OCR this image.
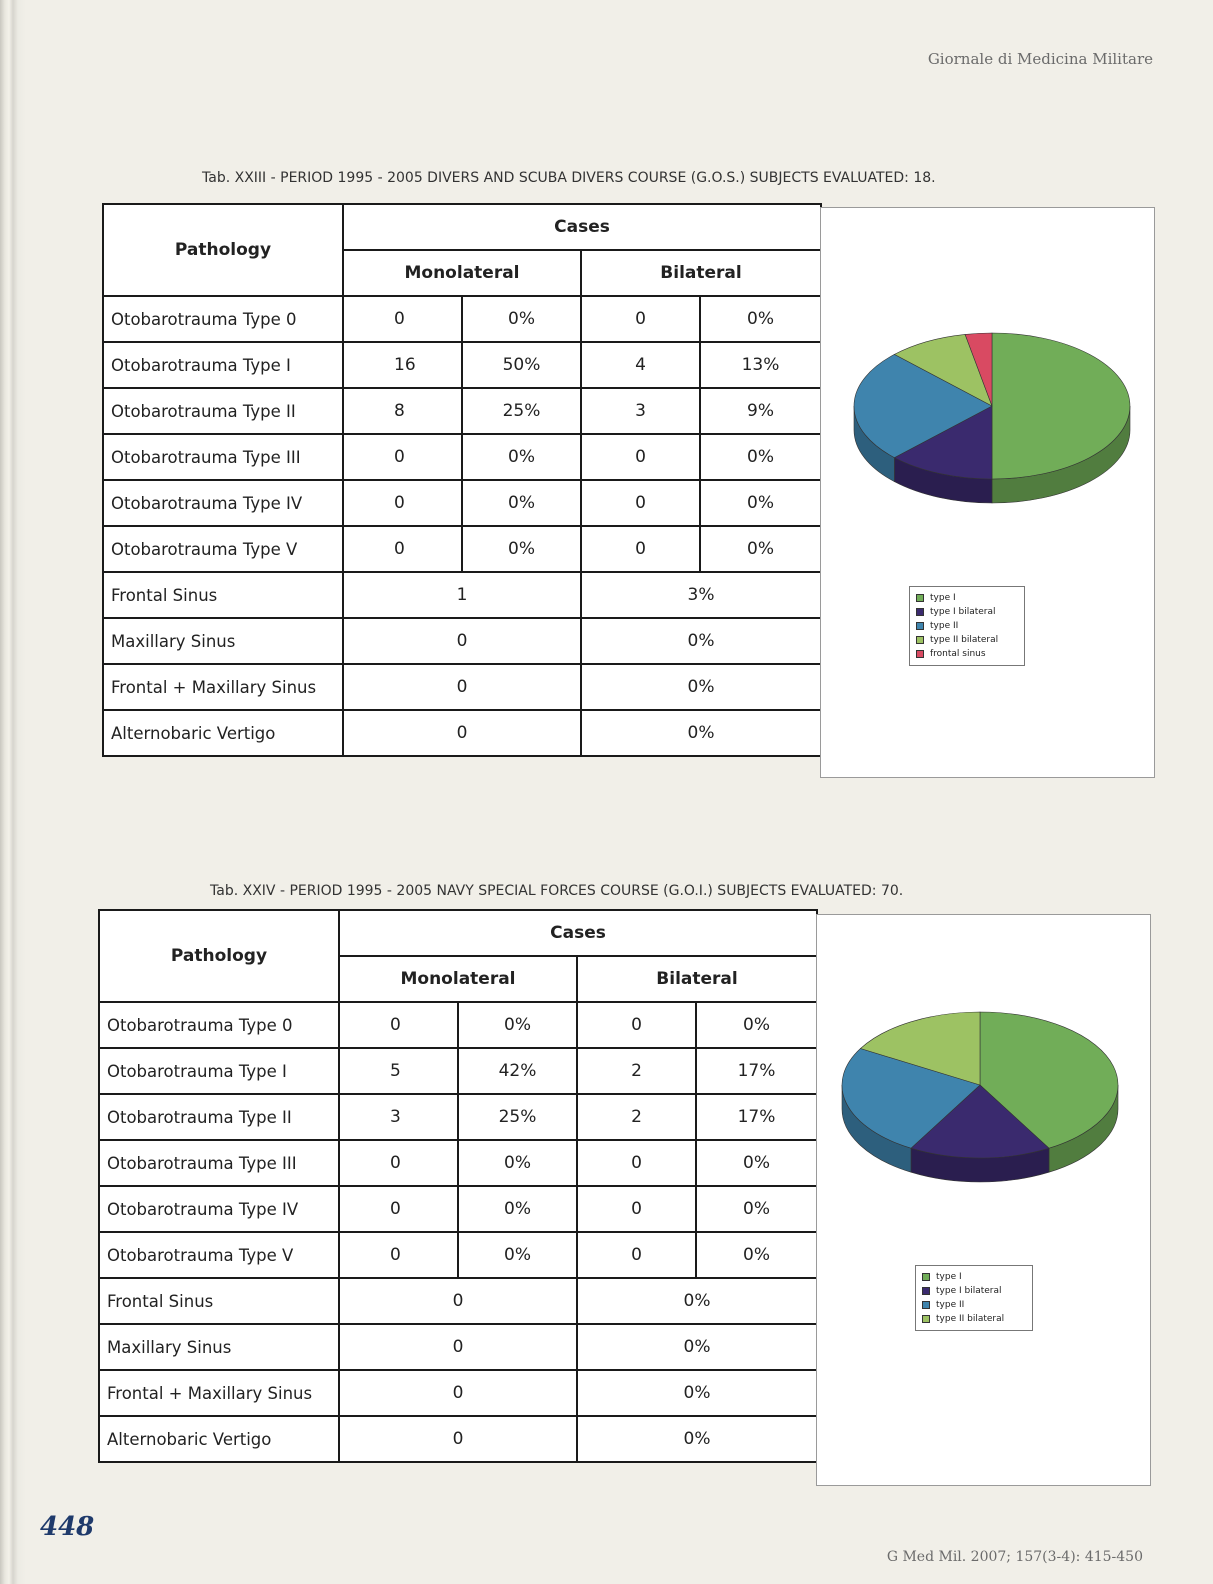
Giornale di Medicina Militare
Tab. XXIII - PERIOD 1995 - 2005 DIVERS AND SCUBA DIVERS COURSE (G.O.S.) SUBJECTS EVALUATED: 18.
Pathology	Cases			
	Monolateral		Bilateral	
Otobarotrauma Type 0	0	0%	0	0%
Otobarotrauma Type I	16	50%	4	13%
Otobarotrauma Type II	8	25%	3	9%
Otobarotrauma Type III	0	0%	0	0%
Otobarotrauma Type IV	0	0%	0	0%
Otobarotrauma Type V	0	0%	0	0%
Frontal Sinus	1		3%	
Maxillary Sinus	0		0%	
Frontal + Maxillary Sinus	0		0%	
Alternobaric Vertigo	0		0%	
type I
type I bilateral
type II
type II bilateral
frontal sinus
Tab. XXIV - PERIOD 1995 - 2005 NAVY SPECIAL FORCES COURSE (G.O.I.) SUBJECTS EVALUATED: 70.
Pathology	Cases			
	Monolateral		Bilateral	
Otobarotrauma Type 0	0	0%	0	0%
Otobarotrauma Type I	5	42%	2	17%
Otobarotrauma Type II	3	25%	2	17%
Otobarotrauma Type III	0	0%	0	0%
Otobarotrauma Type IV	0	0%	0	0%
Otobarotrauma Type V	0	0%	0	0%
Frontal Sinus	0		0%	
Maxillary Sinus	0		0%	
Frontal + Maxillary Sinus	0		0%	
Alternobaric Vertigo	0		0%	
type I
type I bilateral
type II
type II bilateral
448
G Med Mil. 2007; 157(3-4): 415-450
